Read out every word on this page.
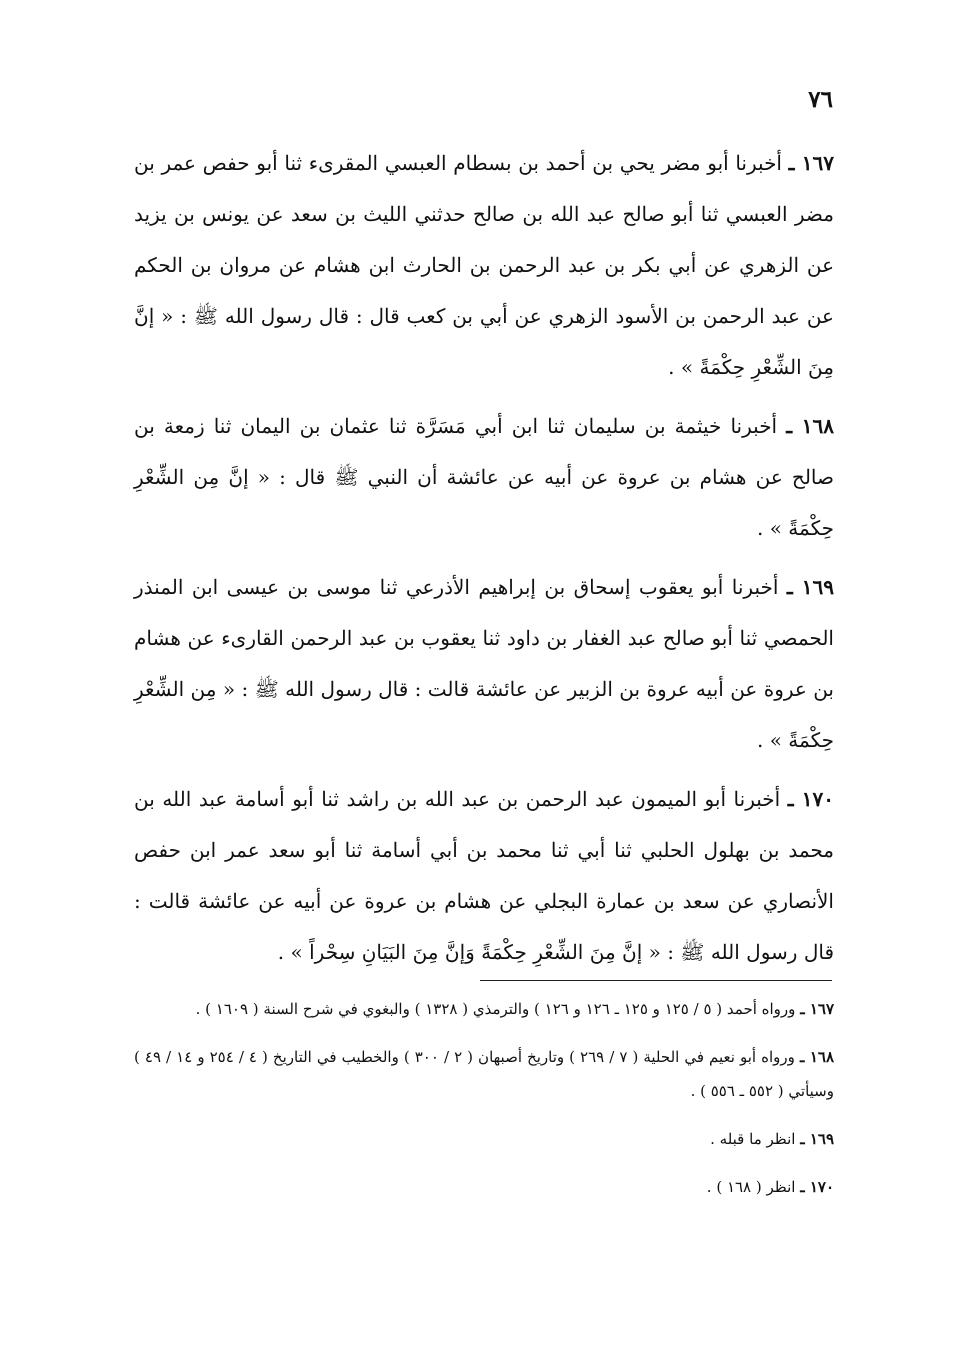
٧٦

١٦٧ ـ أخبرنا أبو مضر يحي بن أحمد بن بسطام العبسي المقرىء ثنا أبو حفص عمر بن مضر العبسي ثنا أبو صالح عبد الله بن صالح حدثني الليث بن سعد عن يونس بن يزيد عن الزهري عن أبي بكر بن عبد الرحمن بن الحارث ابن هشام عن مروان بن الحكم عن عبد الرحمن بن الأسود الزهري عن أبي بن كعب قال : قال رسول الله ﷺ : « إنَّ مِنَ الشِّعْرِ حِكْمَةً » .

١٦٨ ـ أخبرنا خيثمة بن سليمان ثنا ابن أبي مَسَرَّة ثنا عثمان بن اليمان ثنا زمعة بن صالح عن هشام بن عروة عن أبيه عن عائشة أن النبي ﷺ قال : « إنَّ مِن الشِّعْرِ حِكْمَةً » .

١٦٩ ـ أخبرنا أبو يعقوب إسحاق بن إبراهيم الأذرعي ثنا موسى بن عيسى ابن المنذر الحمصي ثنا أبو صالح عبد الغفار بن داود ثنا يعقوب بن عبد الرحمن القارىء عن هشام بن عروة عن أبيه عروة بن الزبير عن عائشة قالت : قال رسول الله ﷺ : « مِن الشِّعْرِ حِكْمَةً » .

١٧٠ ـ أخبرنا أبو الميمون عبد الرحمن بن عبد الله بن راشد ثنا أبو أسامة عبد الله بن محمد بن بهلول الحلبي ثنا أبي ثنا محمد بن أبي أسامة ثنا أبو سعد عمر ابن حفص الأنصاري عن سعد بن عمارة البجلي عن هشام بن عروة عن أبيه عن عائشة قالت : قال رسول الله ﷺ : « إنَّ مِنَ الشِّعْرِ حِكْمَةً وَإنَّ مِنَ البَيَانِ سِحْراً » .

١٦٧ ـ ورواه أحمد ( ٥ / ١٢٥ و ١٢٥ ـ ١٢٦ و ١٢٦ ) والترمذي ( ١٣٢٨ ) والبغوي في شرح السنة ( ١٦٠٩ ) .

١٦٨ ـ ورواه أبو نعيم في الحلية ( ٧ / ٢٦٩ ) وتاريخ أصبهان ( ٢ / ٣٠٠ ) والخطيب في التاريخ ( ٤ / ٢٥٤ و ١٤ / ٤٩ ) وسيأتي ( ٥٥٢ ـ ٥٥٦ ) .

١٦٩ ـ انظر ما قبله .

١٧٠ ـ انظر ( ١٦٨ ) .
